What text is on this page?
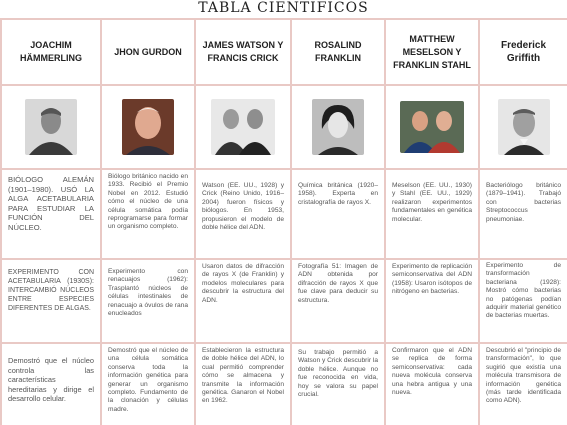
TABLA CIENTIFICOS
JOACHIM HÄMMERLING
BIÓLOGO ALEMÁN (1901–1980). USÓ LA ALGA ACETABULARIA PARA ESTUDIAR LA FUNCIÓN DEL NÚCLEO.
EXPERIMENTO CON ACETABULARIA (1930S): INTERCAMBIÓ NÚCLEOS ENTRE ESPECIES DIFERENTES DE ALGAS.
Demostró que el núcleo controla las características hereditarias y dirige el desarrollo celular.
JHON GURDON
Biólogo británico nacido en 1933. Recibió el Premio Nobel en 2012. Estudió cómo el núcleo de una célula somática podía reprogramarse para formar un organismo completo.
Experimento con renacuajos (1962): Trasplantó núcleos de células intestinales de renacuajo a óvulos de rana enucleados
Demostró que el núcleo de una célula somática conserva toda la información genética para generar un organismo completo. Fundamento de la clonación y células madre.
JAMES WATSON Y FRANCIS CRICK
Watson (EE. UU., 1928) y Crick (Reino Unido, 1916–2004) fueron físicos y biólogos. En 1953, propusieron el modelo de doble hélice del ADN.
Usaron datos de difracción de rayos X (de Franklin) y modelos moleculares para descubrir la estructura del ADN.
Establecieron la estructura de doble hélice del ADN, lo cual permitió comprender cómo se almacena y transmite la información genética. Ganaron el Nobel en 1962.
ROSALIND FRANKLIN
Química británica (1920–1958). Experta en cristalografía de rayos X.
Fotografía 51: Imagen de ADN obtenida por difracción de rayos X que fue clave para deducir su estructura.
Su trabajo permitió a Watson y Crick descubrir la doble hélice. Aunque no fue reconocida en vida, hoy se valora su papel crucial.
MATTHEW MESELSON Y FRANKLIN STAHL
Meselson (EE. UU., 1930) y Stahl (EE. UU., 1929) realizaron experimentos fundamentales en genética molecular.
Experimento de replicación semiconservativa del ADN (1958): Usaron isótopos de nitrógeno en bacterias.
Confirmaron que el ADN se replica de forma semiconservativa: cada nueva molécula conserva una hebra antigua y una nueva.
Frederick Griffith
Bacteriólogo británico (1879–1941). Trabajó con bacterias Streptococcus pneumoniae.
Experimento de transformación bacteriana (1928): Mostró cómo bacterias no patógenas podían adquirir material genético de bacterias muertas.
Descubrió el "principio de transformación", lo que sugirió que existía una molécula transmisora de información genética (más tarde identificada como ADN).
